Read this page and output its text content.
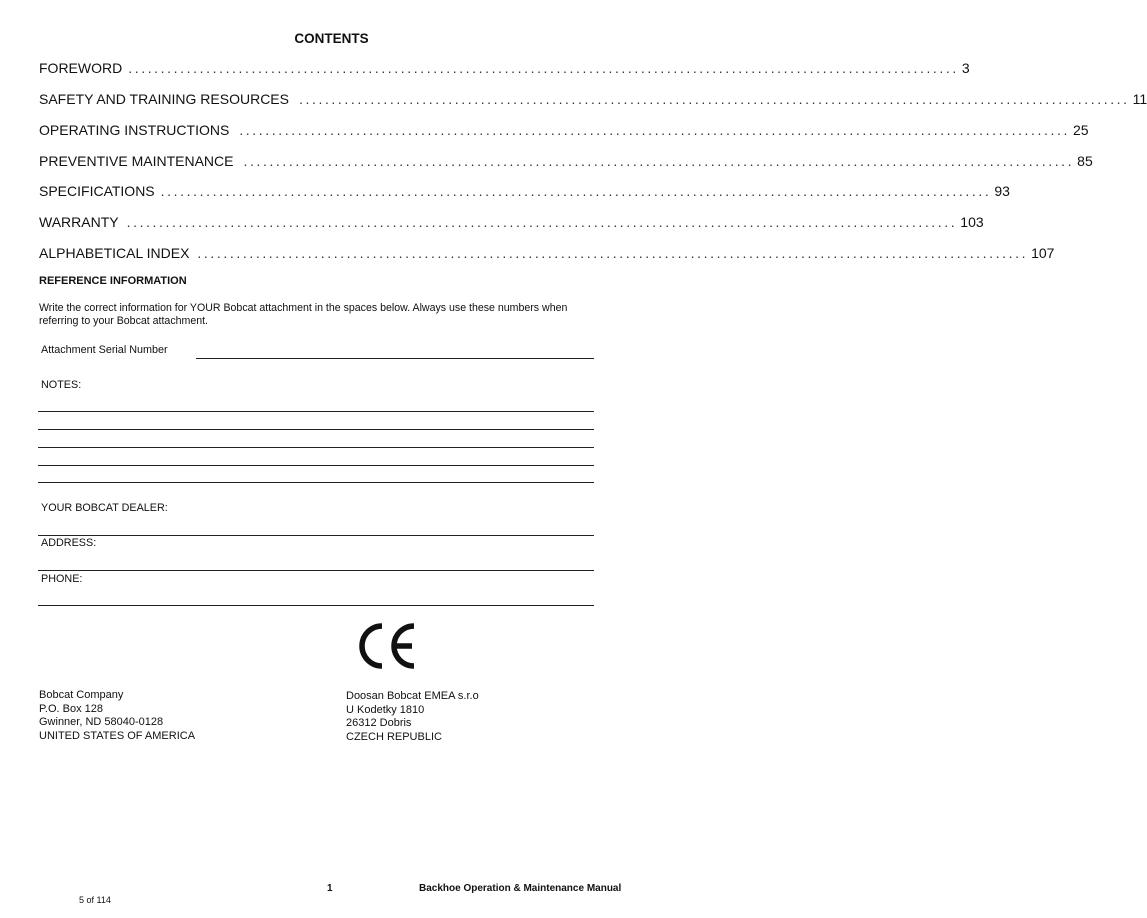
CONTENTS
FOREWORD ................................................................................................................................ 3
SAFETY AND TRAINING RESOURCES ................................................................................................................................ 11
OPERATING INSTRUCTIONS ................................................................................................................................ 25
PREVENTIVE MAINTENANCE ................................................................................................................................ 85
SPECIFICATIONS ................................................................................................................................ 93
WARRANTY ................................................................................................................................ 103
ALPHABETICAL INDEX ................................................................................................................................ 107
REFERENCE INFORMATION
Write the correct information for YOUR Bobcat attachment in the spaces below. Always use these numbers when referring to your Bobcat attachment.
Attachment Serial Number
NOTES:
YOUR BOBCAT DEALER:
ADDRESS:
PHONE:
Bobcat Company
P.O. Box 128
Gwinner, ND 58040-0128
UNITED STATES OF AMERICA
Doosan Bobcat EMEA s.r.o
U Kodetky 1810
26312 Dobris
CZECH REPUBLIC
1	Backhoe Operation & Maintenance Manual
5 of 114
